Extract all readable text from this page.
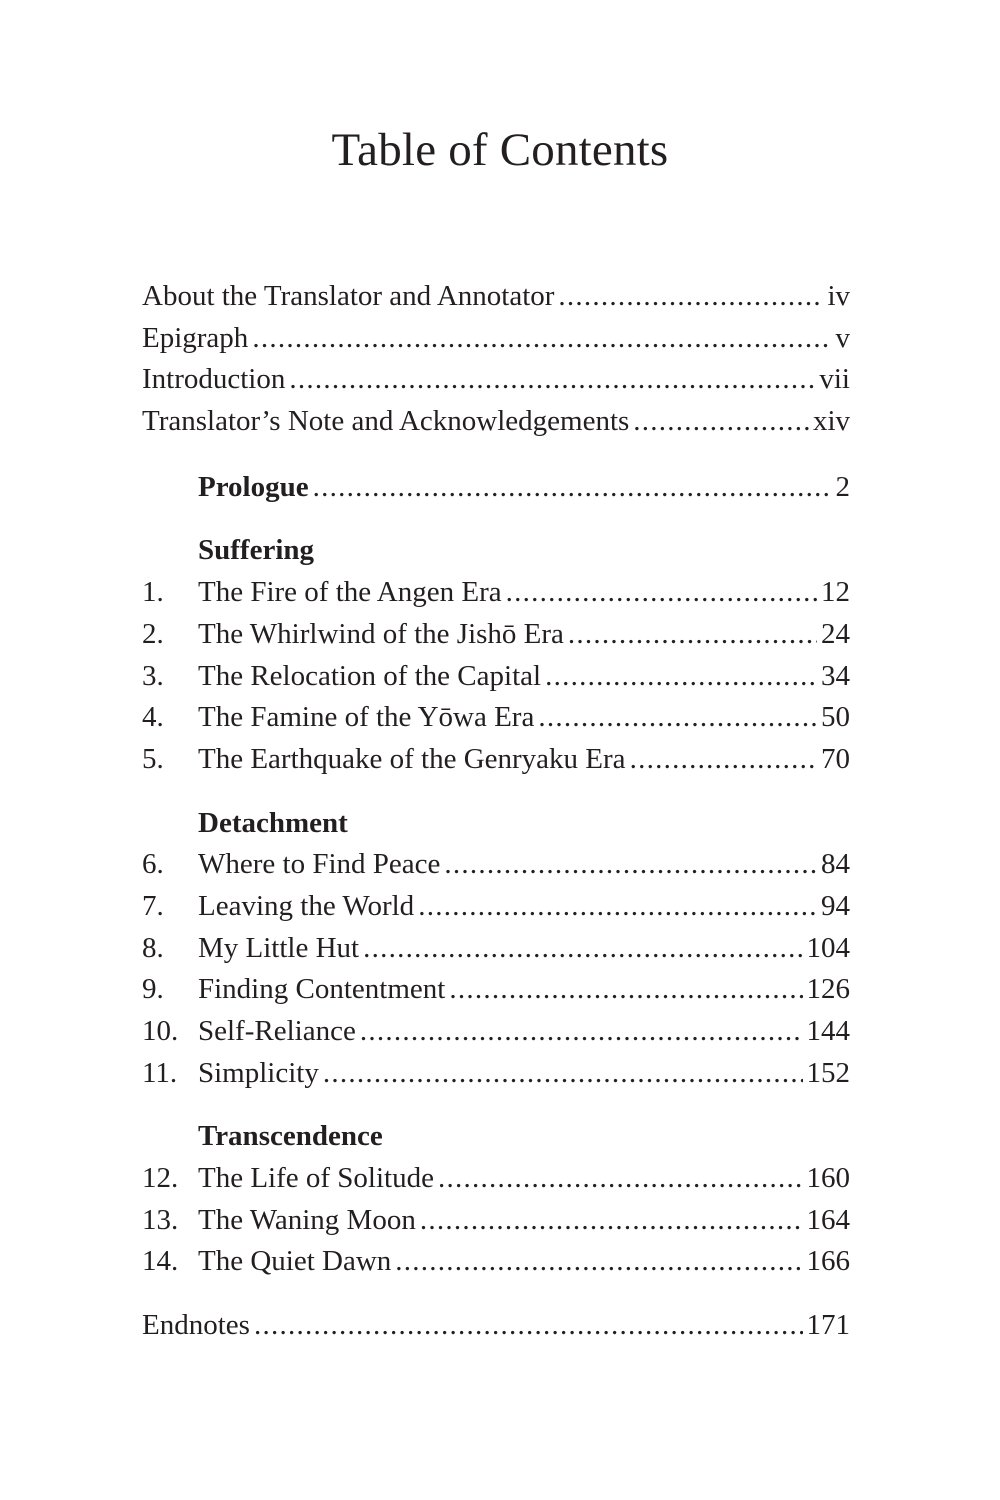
Table of Contents
About the Translator and Annotator . . .	iv
Epigraph . . .	v
Introduction . . .	vii
Translator’s Note and Acknowledgements . . .	xiv
Prologue . . .	2
Suffering
1.	The Fire of the Angen Era . . .	12
2.	The Whirlwind of the Jishō Era . . .	24
3.	The Relocation of the Capital . . .	34
4.	The Famine of the Yōwa Era . . .	50
5.	The Earthquake of the Genryaku Era . . .	70
Detachment
6.	Where to Find Peace . . .	84
7.	Leaving the World . . .	94
8.	My Little Hut . . .	104
9.	Finding Contentment . . .	126
10. Self-Reliance . . .	144
11. Simplicity . . .	152
Transcendence
12. The Life of Solitude . . .	160
13. The Waning Moon . . .	164
14. The Quiet Dawn . . .	166
Endnotes . . .	171
